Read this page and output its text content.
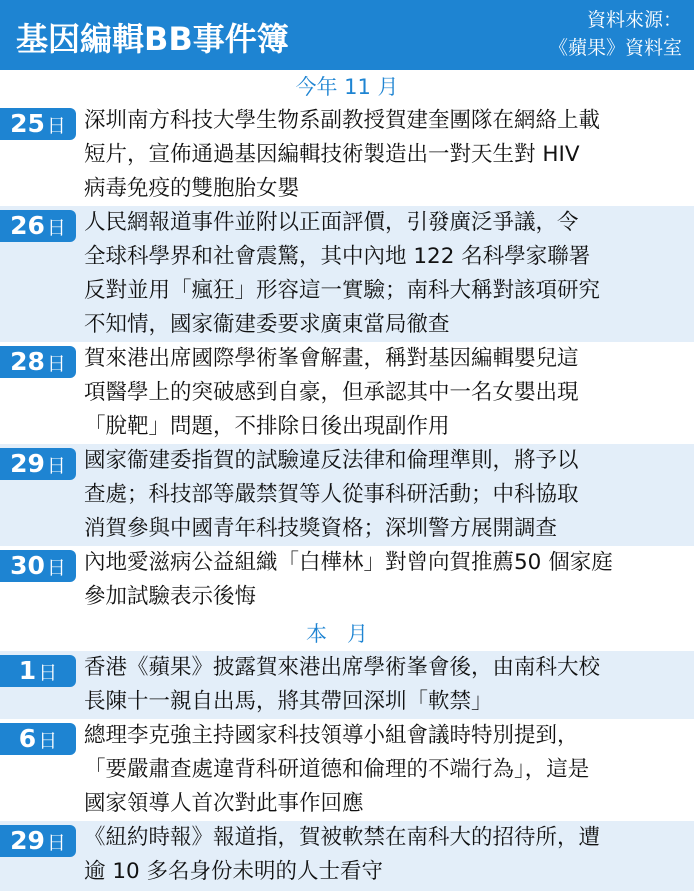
基因編輯BB事件簿	資料來源：
《蘋果》資料室
今年 11 月
25 日 深圳南方科技大學生物系副教授賀建奎團隊在網絡上載
短片，宣佈通過基因編輯技術製造出一對天生對 HIV
病毒免疫的雙胞胎女嬰
26 日 人民網報道事件並附以正面評價，引發廣泛爭議，令
全球科學界和社會震驚，其中內地 122 名科學家聯署
反對並用「瘋狂」形容這一實驗；南科大稱對該項研究
不知情，國家衞建委要求廣東當局徹查
28 日 賀來港出席國際學術峯會解畫，稱對基因編輯嬰兒這
項醫學上的突破感到自豪，但承認其中一名女嬰出現
「脫靶」問題，不排除日後出現副作用
29 日 國家衞建委指賀的試驗違反法律和倫理準則，將予以
查處；科技部等嚴禁賀等人從事科研活動；中科協取
消賀參與中國青年科技獎資格；深圳警方展開調查
30 日 內地愛滋病公益組織「白樺林」對曾向賀推薦50 個家庭
參加試驗表示後悔
本月
1 日	香港《蘋果》披露賀來港出席學術峯會後，由南科大校
長陳十一親自出馬，將其帶回深圳「軟禁」
6 日	總理李克強主持國家科技領導小組會議時特別提到，
「要嚴肅查處違背科研道德和倫理的不端行為」，這是
國家領導人首次對此事作回應
29 日 《紐約時報》報道指，賀被軟禁在南科大的招待所，遭
逾 10 多名身份未明的人士看守
